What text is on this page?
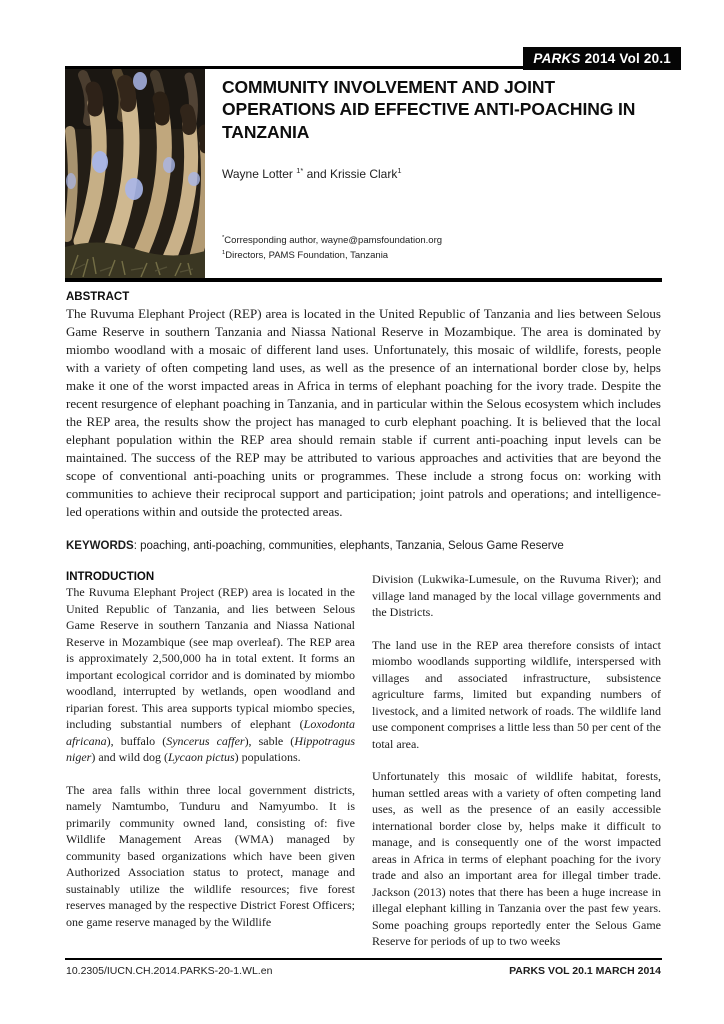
PARKS 2014 Vol 20.1
COMMUNITY INVOLVEMENT AND JOINT OPERATIONS AID EFFECTIVE ANTI-POACHING IN TANZANIA
Wayne Lotter $^{1*}$ and Krissie Clark$^1$
*Corresponding author, wayne@pamsfoundation.org
$^1$Directors, PAMS Foundation, Tanzania
ABSTRACT
The Ruvuma Elephant Project (REP) area is located in the United Republic of Tanzania and lies between Selous Game Reserve in southern Tanzania and Niassa National Reserve in Mozambique. The area is dominated by miombo woodland with a mosaic of different land uses. Unfortunately, this mosaic of wildlife, forests, people with a variety of often competing land uses, as well as the presence of an international border close by, helps make it one of the worst impacted areas in Africa in terms of elephant poaching for the ivory trade. Despite the recent resurgence of elephant poaching in Tanzania, and in particular within the Selous ecosystem which includes the REP area, the results show the project has managed to curb elephant poaching. It is believed that the local elephant population within the REP area should remain stable if current anti-poaching input levels can be maintained. The success of the REP may be attributed to various approaches and activities that are beyond the scope of conventional anti-poaching units or programmes. These include a strong focus on: working with communities to achieve their reciprocal support and participation; joint patrols and operations; and intelligence-led operations within and outside the protected areas.
KEYWORDS: poaching, anti-poaching, communities, elephants, Tanzania, Selous Game Reserve
INTRODUCTION

The Ruvuma Elephant Project (REP) area is located in the United Republic of Tanzania, and lies between Selous Game Reserve in southern Tanzania and Niassa National Reserve in Mozambique (see map overleaf). The REP area is approximately 2,500,000 ha in total extent. It forms an important ecological corridor and is dominated by miombo woodland, interrupted by wetlands, open woodland and riparian forest. This area supports typical miombo species, including substantial numbers of elephant (Loxodonta africana), buffalo (Syncerus caffer), sable (Hippotragus niger) and wild dog (Lycaon pictus) populations.

The area falls within three local government districts, namely Namtumbo, Tunduru and Namyumbo. It is primarily community owned land, consisting of: five Wildlife Management Areas (WMA) managed by community based organizations which have been given Authorized Association status to protect, manage and sustainably utilize the wildlife resources; five forest reserves managed by the respective District Forest Officers; one game reserve managed by the Wildlife

Division (Lukwika-Lumesule, on the Ruvuma River); and village land managed by the local village governments and the Districts.

The land use in the REP area therefore consists of intact miombo woodlands supporting wildlife, interspersed with villages and associated infrastructure, subsistence agriculture farms, limited but expanding numbers of livestock, and a limited network of roads. The wildlife land use component comprises a little less than 50 per cent of the total area.

Unfortunately this mosaic of wildlife habitat, forests, human settled areas with a variety of often competing land uses, as well as the presence of an easily accessible international border close by, helps make it difficult to manage, and is consequently one of the worst impacted areas in Africa in terms of elephant poaching for the ivory trade and also an important area for illegal timber trade. Jackson (2013) notes that there has been a huge increase in illegal elephant killing in Tanzania over the past few years. Some poaching groups reportedly enter the Selous Game Reserve for periods of up to two weeks

10.2305/IUCN.CH.2014.PARKS-20-1.WL.en	PARKS VOL 20.1 MARCH 2014
